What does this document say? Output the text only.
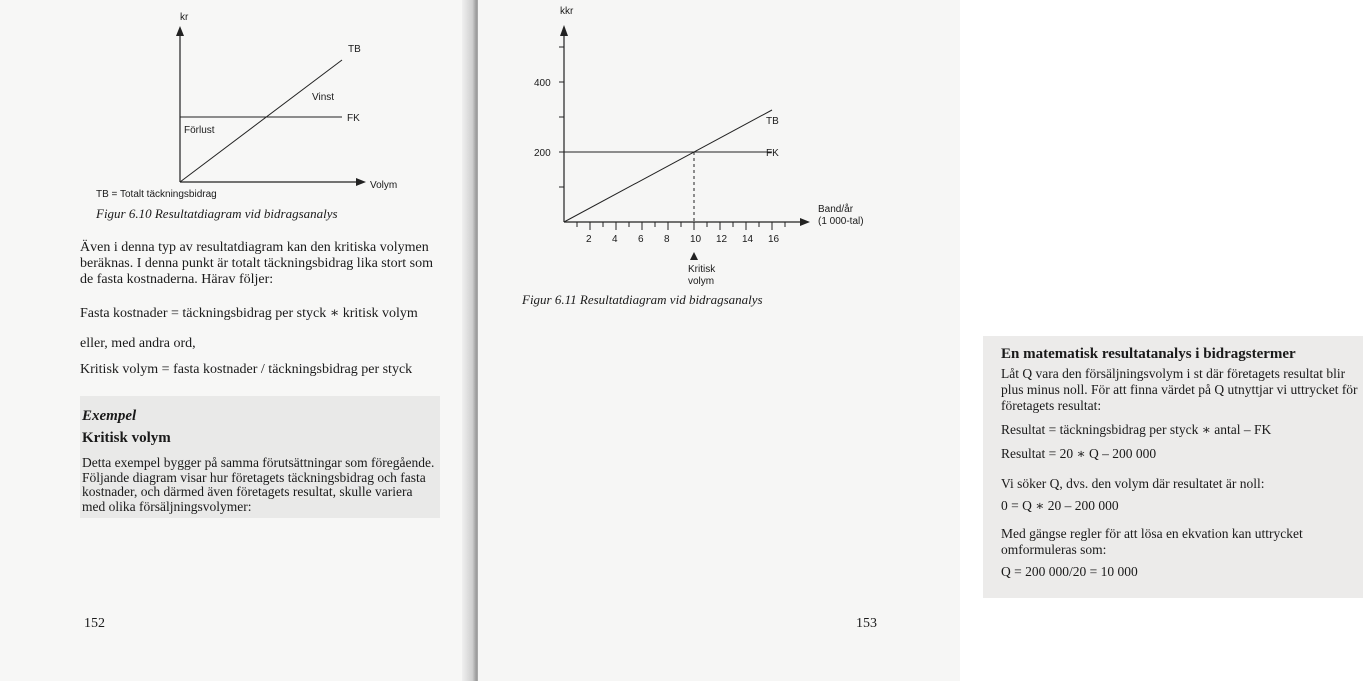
kr
TB
Vinst
FK
Förlust
Volym
TB = Totalt täckningsbidrag
Figur 6.10 Resultatdiagram vid bidragsanalys
Även i denna typ av resultatdiagram kan den kritiska volymen beräknas. I denna punkt är totalt täckningsbidrag lika stort som de fasta kostnaderna. Härav följer:
Fasta kostnader = täckningsbidrag per styck ∗ kritisk volym
eller, med andra ord,
Kritisk volym = fasta kostnader / täckningsbidrag per styck
Exempel
Kritisk volym
Detta exempel bygger på samma förutsättningar som föregående. Följande diagram visar hur företagets täckningsbidrag och fasta kostnader, och därmed även företagets resultat, skulle variera med olika försäljningsvolymer:
152
kkr
Band/år
(1 000-tal)
Kritisk
volym
TB
FK
400
200
2 4 6 8 10 12 14 16
Figur 6.11 Resultatdiagram vid bidragsanalys
En matematisk resultatanalys i bidragstermer
Låt Q vara den försäljningsvolym i st där företagets resultat blir plus minus noll. För att finna värdet på Q utnyttjar vi uttrycket för företagets resultat:
Resultat = täckningsbidrag per styck ∗ antal – FK
Resultat = 20 ∗ Q – 200 000
Vi söker Q, dvs. den volym där resultatet är noll:
0 = Q ∗ 20 – 200 000
Med gängse regler för att lösa en ekvation kan uttrycket omformuleras som:
Q = 200 000/20 = 10 000
153
